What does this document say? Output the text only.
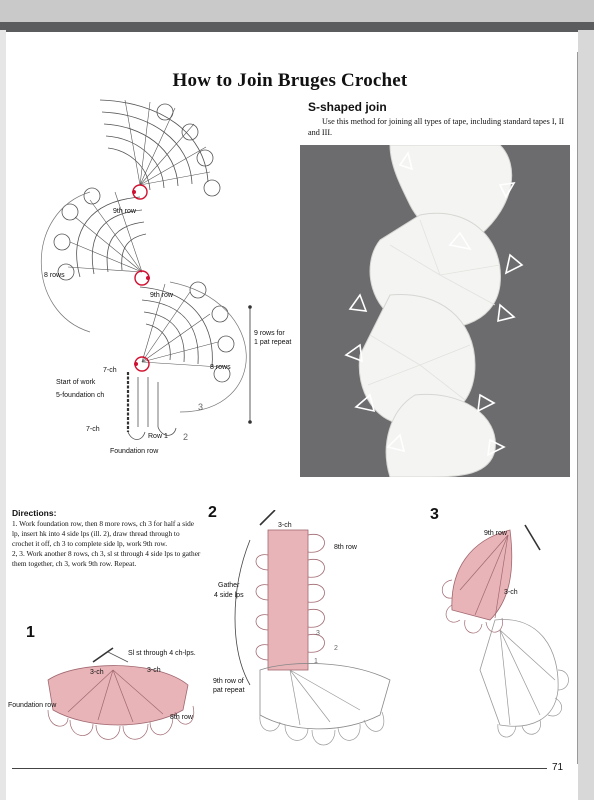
How to Join Bruges Crochet
S-shaped join
Use this method for joining all types of tape, including standard tapes I, II and III.
9th row
8 rows
9th row
9 rows for
1 pat repeat
8 rows
7-ch
Start of work
5-foundation ch
7-ch
Row 1 2
3
Foundation row
Directions:

1. Work foundation row, then 8 more rows, ch 3 for half a side lp, insert hk into 4 side lps (ill. 2), draw thread through to crochet it off, ch 3 to complete side lp, work 9th row.

2, 3. Work another 8 rows, ch 3, sl st through 4 side lps to gather them together, ch 3, work 9th row. Repeat.

1
Sl st through 4 ch-lps.
3-ch	3-ch
Foundation row
8th row
2
3-ch
8th row
Gather
4 side lps
3
2
1
9th row of
pat repeat
3
9th row
3-ch
71
